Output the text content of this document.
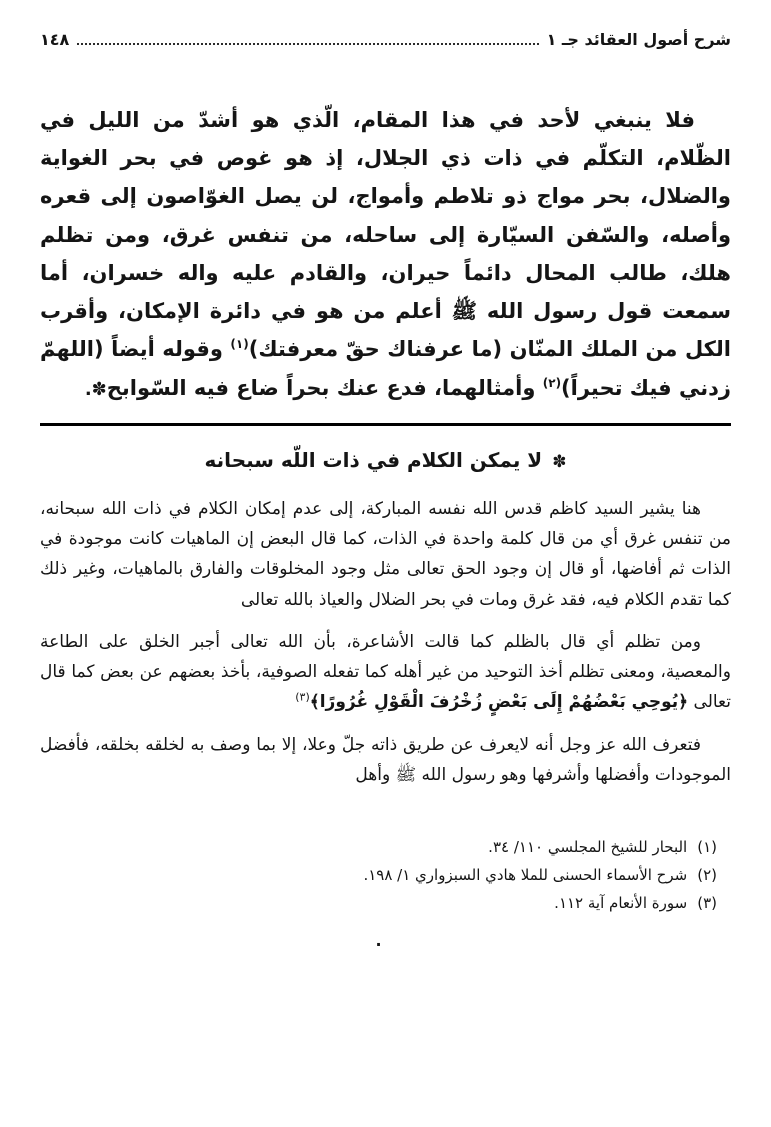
شرح أصول العقائد جـ ١
١٤٨

فلا ينبغي لأحد في هذا المقام، الّذي هو أشدّ من الليل في الظّلام، التكلّم في ذات ذي الجلال، إذ هو غوص في بحر الغواية والضلال، بحر مواج ذو تلاطم وأمواج، لن يصل الغوّاصون إلى قعره وأصله، والسّفن السيّارة إلى ساحله، من تنفس غرق، ومن تظلم هلك، طالب المحال دائماً حيران، والقادم عليه واله خسران، أما سمعت قول رسول الله ﷺ أعلم من هو في دائرة الإمكان، وأقرب الكل من الملك المنّان (ما عرفناك حقّ معرفتك)$^{(١)}$ وقوله أيضاً (اللهمّ زدني فيك تحيراً)$^{(٢)}$ وأمثالهما، فدع عنك بحراً ضاع فيه السّوابح✽.

✽لا يمكن الكلام في ذات اللّه سبحانه

هنا يشير السيد كاظم قدس الله نفسه المباركة، إلى عدم إمكان الكلام في ذات الله سبحانه، من تنفس غرق أي من قال كلمة واحدة في الذات، كما قال البعض إن الماهيات كانت موجودة في الذات ثم أفاضها، أو قال إن وجود الحق تعالى مثل وجود المخلوقات والفارق بالماهيات، وغير ذلك كما تقدم الكلام فيه، فقد غرق ومات في بحر الضلال والعياذ بالله تعالى

ومن تظلم أي قال بالظلم كما قالت الأشاعرة، بأن الله تعالى أجبر الخلق على الطاعة والمعصية، ومعنى تظلم أخذ التوحيد من غير أهله كما تفعله الصوفية، بأخذ بعضهم عن بعض كما قال تعالى ﴿يُوحِي بَعْضُهُمْ إِلَى بَعْضٍ زُخْرُفَ الْقَوْلِ غُرُورًا﴾$^{(٣)}$

فتعرف الله عز وجل أنه لايعرف عن طريق ذاته جلّ وعلا، إلا بما وصف به لخلقه بخلقه، فأفضل الموجودات وأفضلها وأشرفها وهو رسول الله ﷺ وأهل

(١)
البحار للشيخ المجلسي ١١٠/ ٣٤.
(٢)
شرح الأسماء الحسنى للملا هادي السبزواري ١/ ١٩٨.
(٣)
سورة الأنعام آية ١١٢.
.
